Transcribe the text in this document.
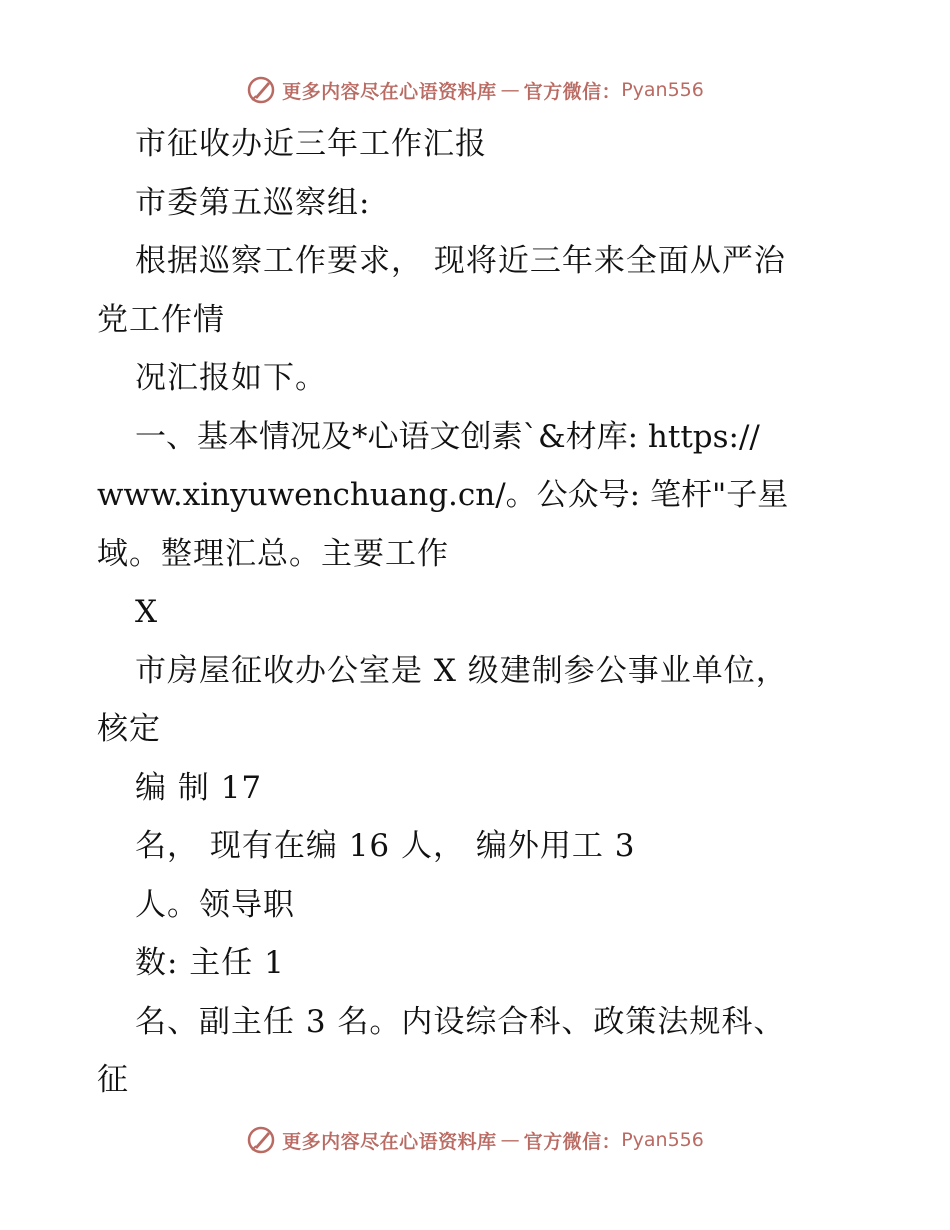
更多内容尽在心语资料库 — 官方微信： Pyan556
市征收办近三年工作汇报
市委第五巡察组:
根据巡察工作要求， 现将近三年来全面从严治
党工作情
况汇报如下。
一、基本情况及*心语文创素`&材库: https://
www.xinyuwenchuang.cn/。公众号: 笔杆"子星
域。整理汇总。主要工作
X
市房屋征收办公室是 X 级建制参公事业单位，
核定
编 制 17
名， 现有在编 16 人， 编外用工 3
人。领导职
数: 主任 1
名、副主任 3 名。内设综合科、政策法规科、
征
更多内容尽在心语资料库 — 官方微信： Pyan556
